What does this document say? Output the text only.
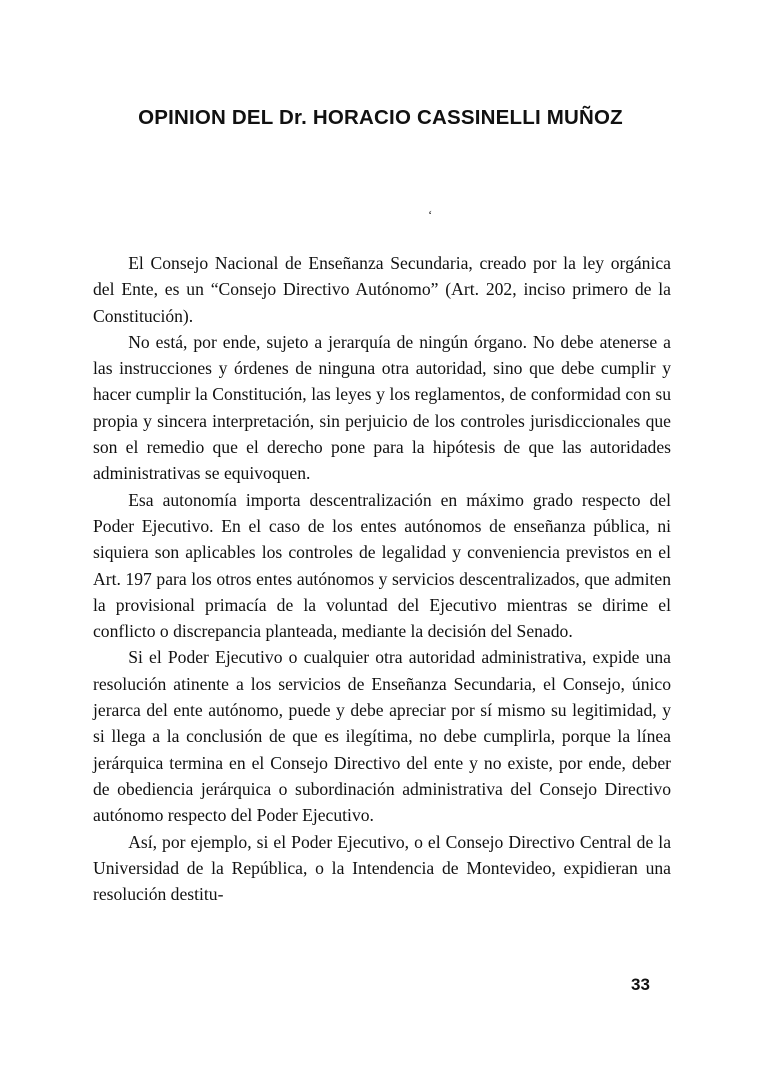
OPINION DEL Dr. HORACIO CASSINELLI MUÑOZ
‘

El Consejo Nacional de Enseñanza Secundaria, creado por la ley orgánica del Ente, es un “Consejo Directivo Autónomo” (Art. 202, inciso primero de la Constitución).

No está, por ende, sujeto a jerarquía de ningún órgano. No debe atenerse a las instrucciones y órdenes de ninguna otra autoridad, sino que debe cumplir y hacer cumplir la Constitución, las leyes y los reglamentos, de conformidad con su propia y sincera interpretación, sin perjuicio de los controles jurisdiccionales que son el remedio que el derecho pone para la hipótesis de que las autoridades administrativas se equivoquen.

Esa autonomía importa descentralización en máximo grado respecto del Poder Ejecutivo. En el caso de los entes autónomos de enseñanza pública, ni siquiera son aplicables los controles de legalidad y conveniencia previstos en el Art. 197 para los otros entes autónomos y servicios descentralizados, que admiten la provisional primacía de la voluntad del Ejecutivo mientras se dirime el conflicto o discrepancia planteada, mediante la decisión del Senado.

Si el Poder Ejecutivo o cualquier otra autoridad administrativa, expide una resolución atinente a los servicios de Enseñanza Secundaria, el Consejo, único jerarca del ente autónomo, puede y debe apreciar por sí mismo su legitimidad, y si llega a la conclusión de que es ilegítima, no debe cumplirla, porque la línea jerárquica termina en el Consejo Directivo del ente y no existe, por ende, deber de obediencia jerárquica o subordinación administrativa del Consejo Directivo autónomo respecto del Poder Ejecutivo.

Así, por ejemplo, si el Poder Ejecutivo, o el Consejo Directivo Central de la Universidad de la República, o la Intendencia de Montevideo, expidieran una resolución destitu-

33
